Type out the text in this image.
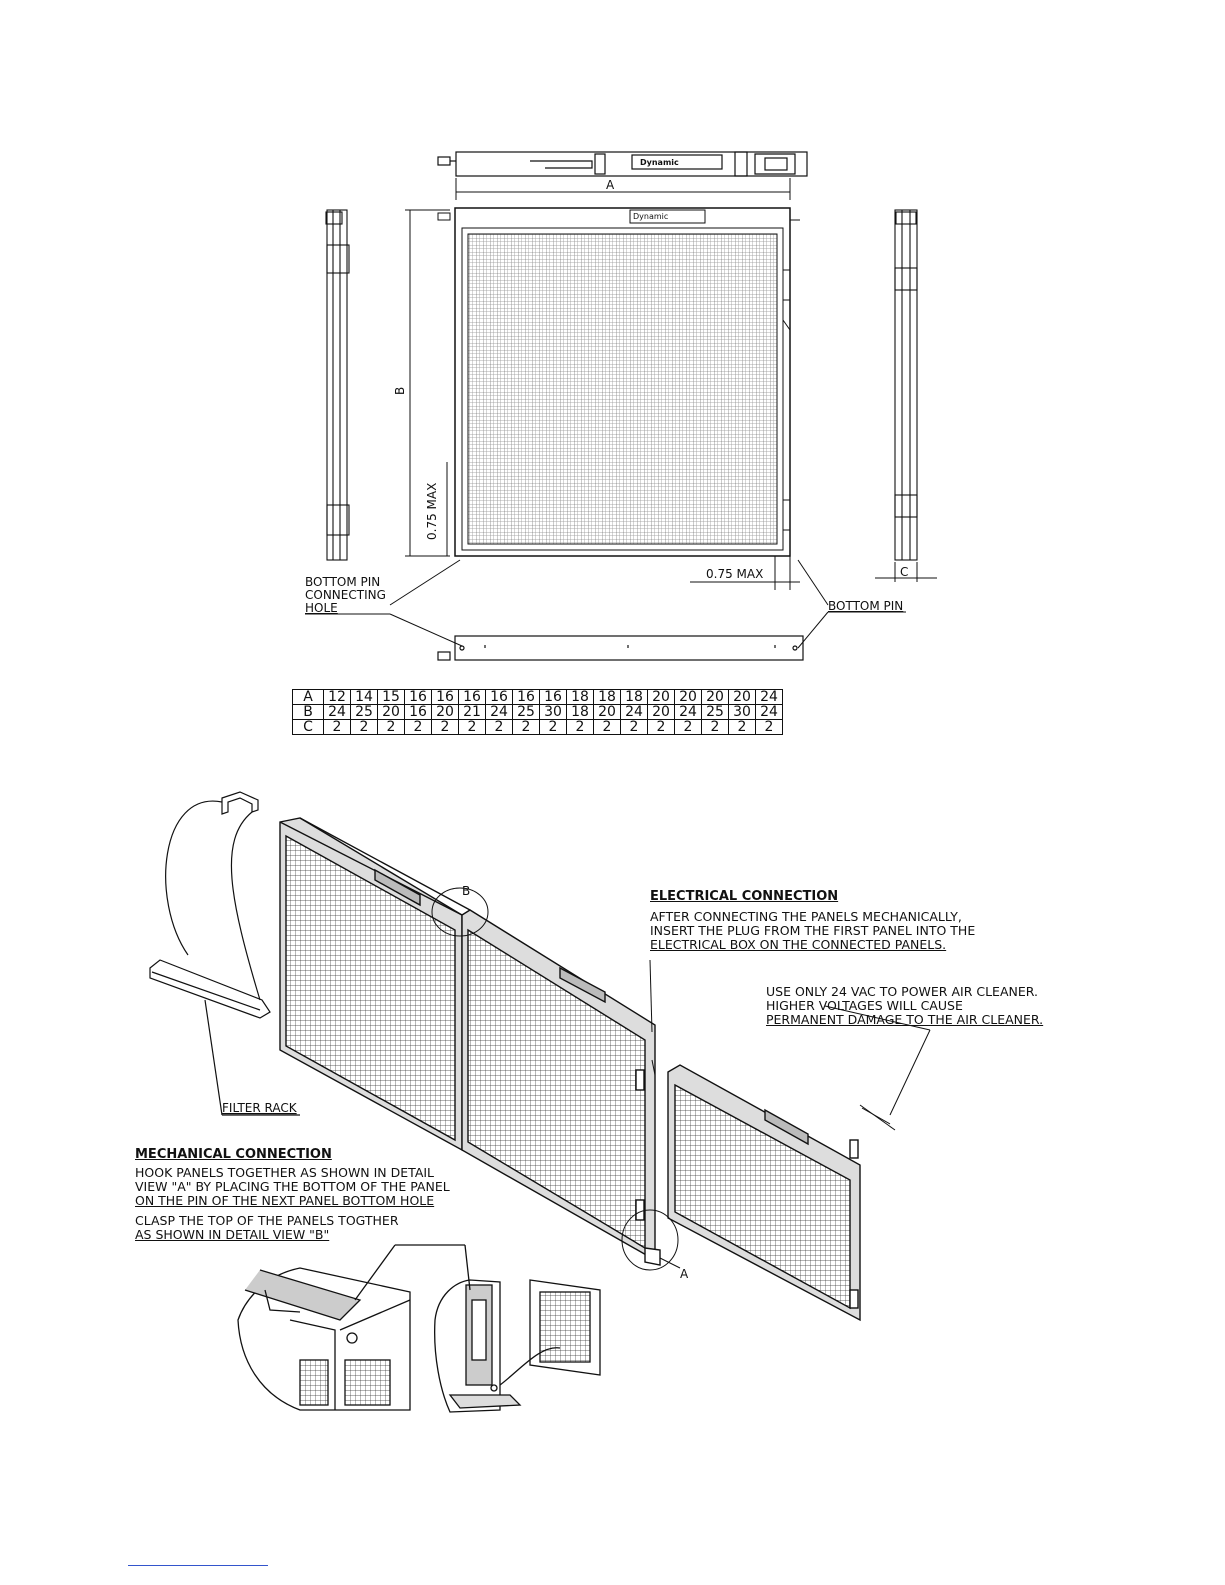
Dynamic
A
Dynamic
B
0.75 MAX
0.75 MAX	C
BOTTOM PIN
CONNECTING
HOLE	BOTTOM PIN
FILTER RACK
B
A
A	12	14	15	16	16	16	16	16	16	18	18	18	20	20	20	20	24
B	24	25	20	16	20	21	24	25	30	18	20	24	20	24	25	30	24
C	2	2	2	2	2	2	2	2	2	2	2	2	2	2	2	2	2
ELECTRICAL CONNECTION
AFTER CONNECTING THE PANELS MECHANICALLY,
INSERT THE PLUG FROM THE FIRST PANEL INTO THE
ELECTRICAL BOX ON THE CONNECTED PANELS.
USE ONLY 24 VAC TO POWER AIR CLEANER.
HIGHER VOLTAGES WILL CAUSE
PERMANENT DAMAGE TO THE AIR CLEANER.
MECHANICAL CONNECTION
HOOK PANELS TOGETHER AS SHOWN IN DETAIL
VIEW "A" BY PLACING THE BOTTOM OF THE PANEL
ON THE PIN OF THE NEXT PANEL BOTTOM HOLE
CLASP THE TOP OF THE PANELS TOGTHER
AS SHOWN IN DETAIL VIEW "B"
